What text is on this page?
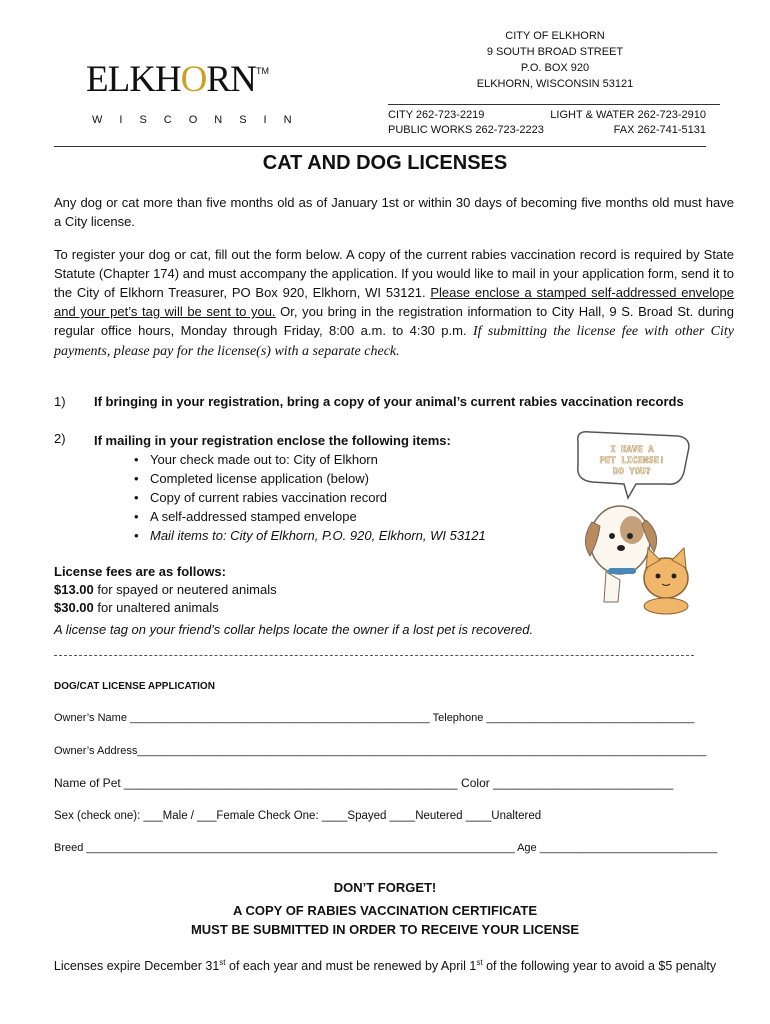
ELKHORN TM
WISCONSIN
CITY OF ELKHORN
9 SOUTH BROAD STREET
P.O. BOX 920
ELKHORN, WISCONSIN 53121
CITY 262-723-2219
PUBLIC WORKS 262-723-2223
LIGHT & WATER 262-723-2910
FAX 262-741-5131
CAT AND DOG LICENSES
Any dog or cat more than five months old as of January 1st or within 30 days of becoming five months old must have a City license.
To register your dog or cat, fill out the form below. A copy of the current rabies vaccination record is required by State Statute (Chapter 174) and must accompany the application. If you would like to mail in your application form, send it to the City of Elkhorn Treasurer, PO Box 920, Elkhorn, WI 53121. Please enclose a stamped self-addressed envelope and your pet’s tag will be sent to you. Or, you bring in the registration information to City Hall, 9 S. Broad St. during regular office hours, Monday through Friday, 8:00 a.m. to 4:30 p.m. If submitting the license fee with other City payments, please pay for the license(s) with a separate check.
1) If bringing in your registration, bring a copy of your animal’s current rabies vaccination records
2) If mailing in your registration enclose the following items:
• Your check made out to: City of Elkhorn
• Completed license application (below)
• Copy of current rabies vaccination record
• A self-addressed stamped envelope
• Mail items to: City of Elkhorn, P.O. 920, Elkhorn, WI 53121
I HAVE A
PET LICENSE!
DO YOU?
License fees are as follows:
$13.00 for spayed or neutered animals
$30.00 for unaltered animals
A license tag on your friend’s collar helps locate the owner if a lost pet is recovered.
DOG/CAT LICENSE APPLICATION
Owner’s Name _________________________________________________ Telephone __________________________________
Owner’s Address_____________________________________________________________________________________________
Name of Pet __________________________________________________ Color ___________________________
Sex (check one): ___Male / ___Female Check One: ____Spayed ____Neutered ____Unaltered
Breed ______________________________________________________________________ Age _____________________________
DON’T FORGET!
A COPY OF RABIES VACCINATION CERTIFICATE
MUST BE SUBMITTED IN ORDER TO RECEIVE YOUR LICENSE
Licenses expire December 31st of each year and must be renewed by April 1st of the following year to avoid a $5 penalty
